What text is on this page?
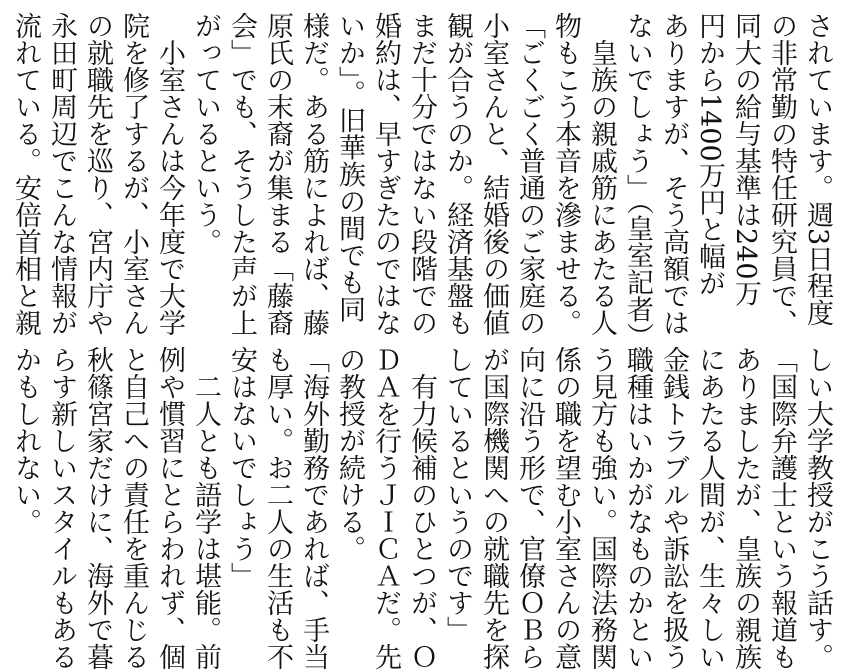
されています。週3日程度
の非常勤の特任研究員で、
同大の給与基準は240万
円から1400万円と幅が
ありますが、そう高額では
ないでしょう」（皇室記者）
　皇族の親戚筋にあたる人
物もこう本音を滲ませる。
「ごくごく普通のご家庭の
小室さんと、結婚後の価値
観が合うのか。経済基盤も
まだ十分ではない段階での
婚約は、早すぎたのではな
いか」。旧華族の間でも同
様だ。ある筋によれば、藤
原氏の末裔が集まる「藤裔
会」でも、そうした声が上
がっているという。
　小室さんは今年度で大学
院を修了するが、小室さん
の就職先を巡り、宮内庁や
永田町周辺でこんな情報が
流れている。安倍首相と親
しい大学教授がこう話す。
「国際弁護士という報道も
ありましたが、皇族の親族
にあたる人間が、生々しい
金銭トラブルや訴訟を扱う
職種はいかがなものかとい
う見方も強い。国際法務関
係の職を望む小室さんの意
向に沿う形で、官僚ＯＢら
が国際機関への就職先を探
しているというのです」
　有力候補のひとつが、Ｏ
ＤＡを行うＪＩＣＡだ。先
の教授が続ける。
「海外勤務であれば、手当
も厚い。お二人の生活も不
安はないでしょう」
　二人とも語学は堪能。前
例や慣習にとらわれず、個
と自己への責任を重んじる
秋篠宮家だけに、海外で暮
らす新しいスタイルもある
かもしれない。
